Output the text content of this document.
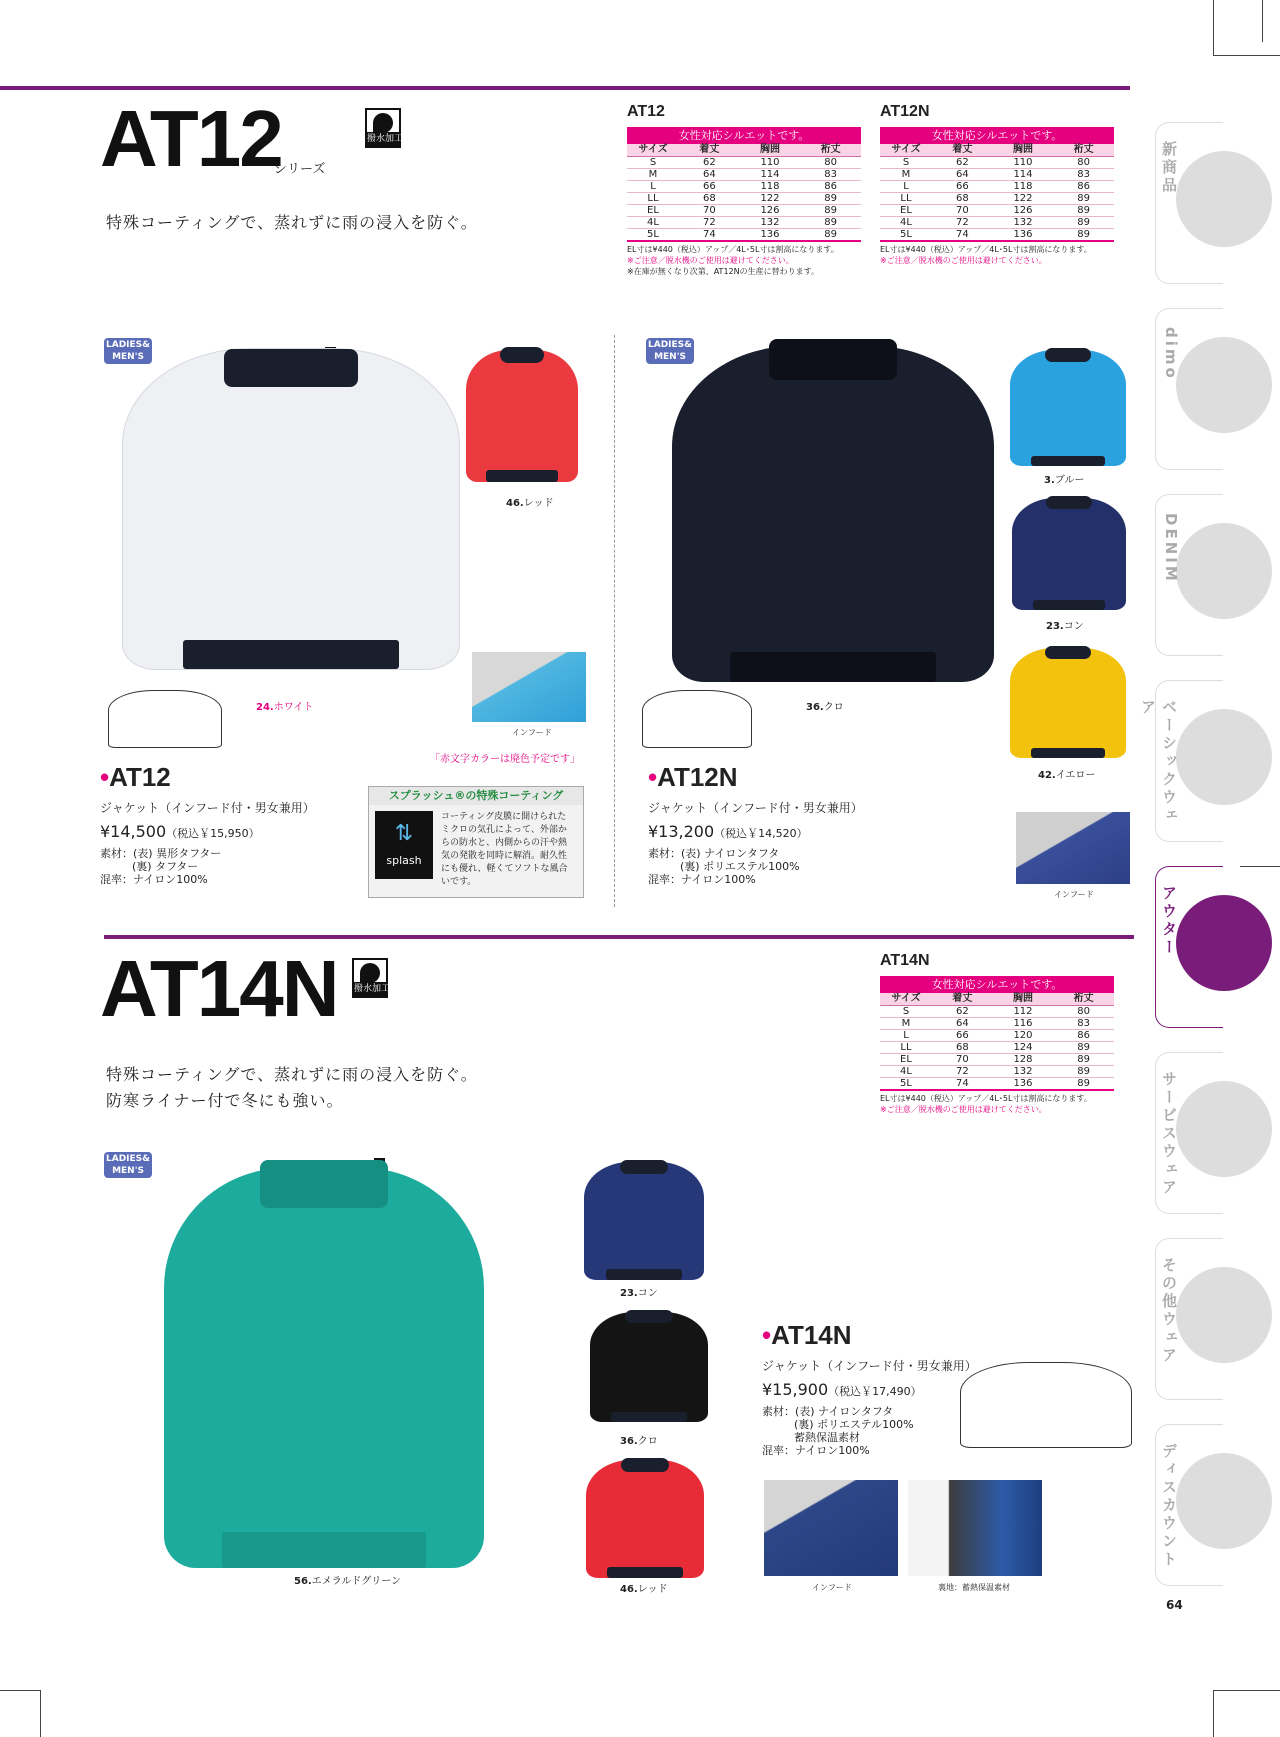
AT12
シリーズ
撥水加工
特殊コーティングで、蒸れずに雨の浸入を防ぐ。
AT12
女性対応シルエットです。
サイズ	着丈	胸囲	裄丈
S	62	110	80
M	64	114	83
L	66	118	86
LL	68	122	89
EL	70	126	89
4L	72	132	89
5L	74	136	89
EL寸は¥440（税込）アップ／4L･5L寸は割高になります。
※ご注意／脱水機のご使用は避けてください。
※在庫が無くなり次第、AT12Nの生産に替わります。
AT12N
女性対応シルエットです。
サイズ	着丈	胸囲	裄丈
S	62	110	80
M	64	114	83
L	66	118	86
LL	68	122	89
EL	70	126	89
4L	72	132	89
5L	74	136	89
EL寸は¥440（税込）アップ／4L･5L寸は割高になります。
※ご注意／脱水機のご使用は避けてください。
LADIES&
MEN'S
24.ホワイト
46.レッド
インフード
「赤文字カラーは廃色予定です」
•AT12
ジャケット（インフード付・男女兼用）
¥14,500（税込￥15,950）
素材：(表) 異形タフター
(裏) タフター
混率：ナイロン100%
スプラッシュ®の特殊コーティング
⇅
splash
コーティング皮膜に開けられたミクロの気孔によって、外部からの防水と、内側からの汗や熱気の発散を同時に解消。耐久性にも優れ、軽くてソフトな風合いです。
LADIES&
MEN'S
36.クロ
3.ブルー
23.コン
42.イエロー
インフード
•AT12N
ジャケット（インフード付・男女兼用）
¥13,200（税込￥14,520）
素材：(表) ナイロンタフタ
(裏) ポリエステル100%
混率：ナイロン100%
AT14N 撥水加工
特殊コーティングで、蒸れずに雨の浸入を防ぐ。
防寒ライナー付で冬にも強い。
AT14N
女性対応シルエットです。
サイズ	着丈	胸囲	裄丈
S	62	112	80
M	64	116	83
L	66	120	86
LL	68	124	89
EL	70	128	89
4L	72	132	89
5L	74	136	89
EL寸は¥440（税込）アップ／4L･5L寸は割高になります。
※ご注意／脱水機のご使用は避けてください。
LADIES&
MEN'S
56.エメラルドグリーン
23.コン
36.クロ
46.レッド
•AT14N
ジャケット（インフード付・男女兼用）
¥15,900（税込￥17,490）
素材：(表) ナイロンタフタ
(裏) ポリエステル100%
蓄熱保温素材
混率：ナイロン100%
インフード	裏地：蓄熱保温素材
新商品
dimo
DENIM
ベーシックウェア
アウター
サービスウェア
その他ウェア
ディスカウント
64
